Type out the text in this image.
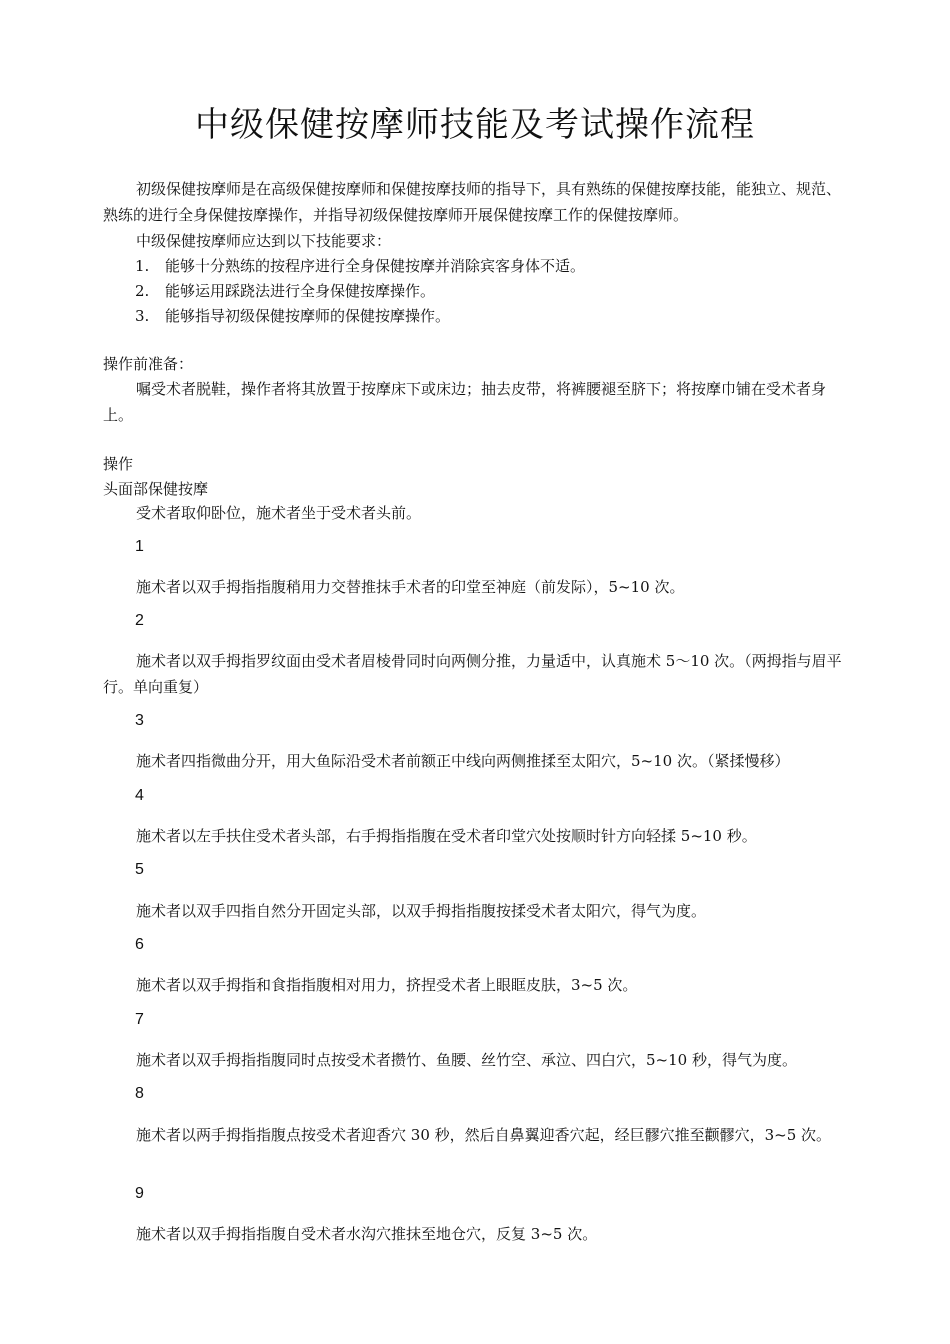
中级保健按摩师技能及考试操作流程

初级保健按摩师是在高级保健按摩师和保健按摩技师的指导下，具有熟练的保健按摩技能，能独立、规范、熟练的进行全身保健按摩操作，并指导初级保健按摩师开展保健按摩工作的保健按摩师。

中级保健按摩师应达到以下技能要求：

1. 能够十分熟练的按程序进行全身保健按摩并消除宾客身体不适。

2. 能够运用踩跷法进行全身保健按摩操作。

3. 能够指导初级保健按摩师的保健按摩操作。

操作前准备：

嘱受术者脱鞋，操作者将其放置于按摩床下或床边；抽去皮带，将裤腰褪至脐下；将按摩巾铺在受术者身上。

操作

头面部保健按摩

受术者取仰卧位，施术者坐于受术者头前。

1

施术者以双手拇指指腹稍用力交替推抹手术者的印堂至神庭（前发际），5~10 次。

2

施术者以双手拇指罗纹面由受术者眉棱骨同时向两侧分推，力量适中，认真施术 5～10 次。（两拇指与眉平行。单向重复）

3

施术者四指微曲分开，用大鱼际沿受术者前额正中线向两侧推揉至太阳穴，5~10 次。（紧揉慢移）

4

施术者以左手扶住受术者头部，右手拇指指腹在受术者印堂穴处按顺时针方向轻揉 5~10 秒。

5

施术者以双手四指自然分开固定头部，以双手拇指指腹按揉受术者太阳穴，得气为度。

6

施术者以双手拇指和食指指腹相对用力，挤捏受术者上眼眶皮肤，3~5 次。

7

施术者以双手拇指指腹同时点按受术者攒竹、鱼腰、丝竹空、承泣、四白穴，5~10 秒，得气为度。

8

施术者以两手拇指指腹点按受术者迎香穴 30 秒，然后自鼻翼迎香穴起，经巨髎穴推至颧髎穴，3~5 次。

9

施术者以双手拇指指腹自受术者水沟穴推抹至地仓穴，反复 3~5 次。
